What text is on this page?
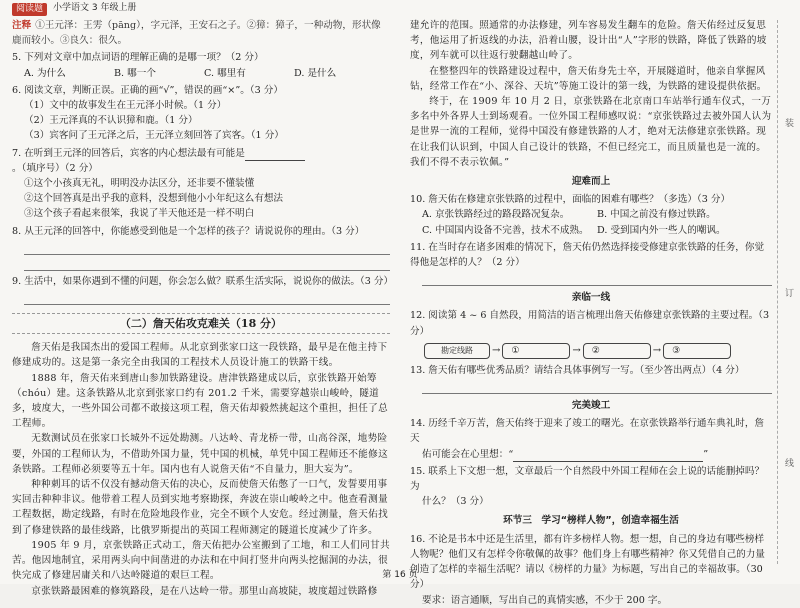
阅读题	小学语文 3 年级上册
注释 ①王元泽：王雱（pāng），字元泽，王安石之子。②獐：獐子，一种动物，形状像鹿而较小。③良久：很久。
5. 下列对文章中加点词语的理解正确的是哪一项？（2 分）
A. 为什么	B. 哪一个	C. 哪里有	D. 是什么
6. 阅读文章，判断正误。正确的画“√”，错误的画“×”。（3 分）
（1）文中的故事发生在王元泽小时候。（1 分）
（2）王元泽真的不认识獐和鹿。（1 分）
（3）宾客问了王元泽之后，王元泽立刻回答了宾客。（1 分）
7. 在听到王元泽的回答后，宾客的内心想法最有可能是。（填序号）（2 分）
①这个小孩真无礼，明明没办法区分，还非要不懂装懂
②这个回答真是出乎我的意料，没想到他小小年纪这么有想法
③这个孩子看起来很笨，我说了半天他还是一样不明白
8. 从王元泽的回答中，你能感受到他是一个怎样的孩子？请说说你的理由。（3 分）
9. 生活中，如果你遇到不懂的问题，你会怎么做？联系生活实际，说说你的做法。（3 分）
（二）詹天佑攻克难关（18 分）
詹天佑是我国杰出的爱国工程师。从北京到张家口这一段铁路，最早是在他主持下修建成功的。这是第一条完全由我国的工程技术人员设计施工的铁路干线。
1888 年，詹天佑来到唐山参加铁路建设。唐津铁路建成以后，京张铁路开始筹（chóu）建。这条铁路从北京到张家口约有 201.2 千米，需要穿越崇山峻岭，隧道多，坡度大，一些外国公司都不敢接这项工程，詹天佑却毅然挑起这个重担，担任了总工程师。
无数测试员在张家口长城外不远处勘测。八达岭、青龙桥一带，山高谷深，地势险要，外国的工程师认为，不借助外国力量，凭中国的机械，单凭中国工程师还不能修这条铁路。工程师必须要等五十年。国内也有人说詹天佑“不自量力，胆大妄为”。
种种刺耳的话不仅没有撼动詹天佑的决心，反而使詹天佑憋了一口气，发誓要用事实回击种种非议。他带着工程人员到实地考察勘探，奔波在崇山峻岭之中。他查看测量工程数据，勘定线路，有时在危险地段作业，完全不顾个人安危。经过测量，詹天佑找到了修建铁路的最佳线路，比俄罗斯提出的英国工程师测定的隧道长度减少了许多。
1905 年 9 月，京张铁路正式动工，詹天佑把办公室搬到了工地，和工人们同甘共苦。他因地制宜，采用两头向中间凿进的办法和在中间打竖井向两头挖掘洞的办法，很快完成了修建居庸关和八达岭隧道的艰巨工程。
京张铁路最困难的修筑路段，是在八达岭一带。那里山高坡陡，坡度超过铁路修
建允许的范围。照通常的办法修建，列车容易发生翻车的危险。詹天佑经过反复思考，他运用了折返线的办法，沿着山腰，设计出“人”字形的铁路，降低了铁路的坡度，列车就可以往返行驶翻越山岭了。
在整整四年的铁路建设过程中，詹天佑身先士卒，开展隧道时，他亲自掌握风钻，经常工作在“小、深谷、天坑”等施工设计的第一线，为铁路的建设提供依据。
终于，在 1909 年 10 月 2 日，京张铁路在北京南口车站举行通车仪式，一万多名中外各界人士到场观看。一位外国工程师感叹说：“京张铁路过去被外国人认为是世界一流的工程师，觉得中国没有修建铁路的人才，绝对无法修建京张铁路。现在让我们认识到，中国人自己设计的铁路，不但已经完工，而且质量也是一流的。我们不得不表示钦佩。”
迎难而上
10. 詹天佑在修建京张铁路的过程中，面临的困难有哪些？（多选）（3 分）
A. 京张铁路经过的路段路况复杂。	B. 中国之前没有修过铁路。
C. 中国国内设备不完善，技术不成熟。 D. 受到国内外一些人的嘲讽。
11. 在当时存在诸多困难的情况下，詹天佑仍然选择接受修建京张铁路的任务，你觉得他是怎样的人？（2 分）
亲临一线
12. 阅读第 4 ~ 6 自然段，用简洁的语言梳理出詹天佑修建京张铁路的主要过程。（3 分）
勘定线路	→	①	→	②	→	③
13. 詹天佑有哪些优秀品质？请结合具体事例写一写。（至少答出两点）（4 分）
完美竣工
14. 历经千辛万苦，詹天佑终于迎来了竣工的曙光。在京张铁路举行通车典礼时，詹天
佑可能会在心里想：“	”
15. 联系上下文想一想，文章最后一个自然段中外国工程师在会上说的话能删掉吗？为
什么？（3 分）
环节三　学习“榜样人物”，创造幸福生活
16. 不论是书本中还是生活里，都有许多榜样人物。想一想，自己的身边有哪些榜样人物呢？他们又有怎样令你敬佩的故事？他们身上有哪些精神？你又凭借自己的力量创造了怎样的幸福生活呢？请以《榜样的力量》为标题，写出自己的幸福故事。（30 分）
要求：语言通顺，写出自己的真情实感，不少于 200 字。
装
订
线
第 16 页
